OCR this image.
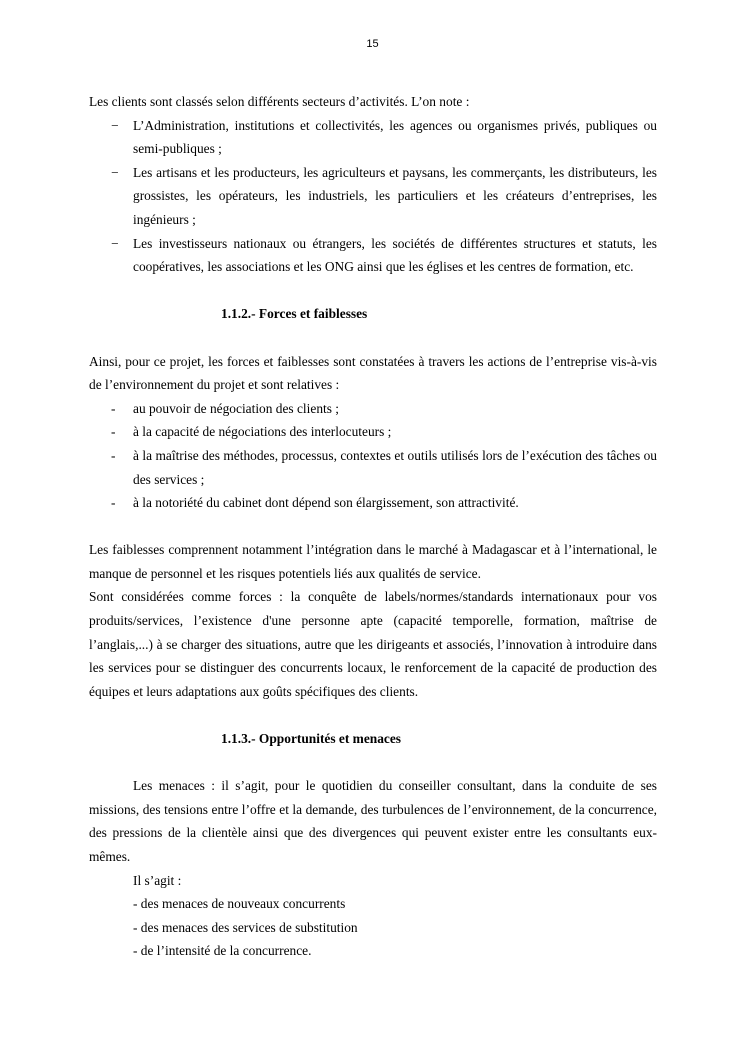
15

Les clients sont classés selon différents secteurs d’activités. L’on note :

− L’Administration, institutions et collectivités, les agences ou organismes privés, publiques ou semi-publiques ;
− Les artisans et les producteurs, les agriculteurs et paysans, les commerçants, les distributeurs, les grossistes, les opérateurs, les industriels, les particuliers et les créateurs d’entreprises, les ingénieurs ;
− Les investisseurs nationaux ou étrangers, les sociétés de différentes structures et statuts, les coopératives, les associations et les ONG ainsi que les églises et les centres de formation, etc.

1.1.2.- Forces et faiblesses

Ainsi, pour ce projet, les forces et faiblesses sont constatées à travers les actions de l’entreprise vis-à-vis de l’environnement du projet et sont relatives :

- au pouvoir de négociation des clients ;
- à la capacité de négociations des interlocuteurs ;
- à la maîtrise des méthodes, processus, contextes et outils utilisés lors de l’exécution des tâches ou des services ;
- à la notoriété du cabinet dont dépend son élargissement, son attractivité.

Les faiblesses comprennent notamment l’intégration dans le marché à Madagascar et à l’international, le manque de personnel et les risques potentiels liés aux qualités de service.

Sont considérées comme forces : la conquête de labels/normes/standards internationaux pour vos produits/services, l’existence d'une personne apte (capacité temporelle, formation, maîtrise de l’anglais,...) à se charger des situations, autre que les dirigeants et associés, l’innovation à introduire dans les services pour se distinguer des concurrents locaux, le renforcement de la capacité de production des équipes et leurs adaptations aux goûts spécifiques des clients.

1.1.3.- Opportunités et menaces

Les menaces : il s’agit, pour le quotidien du conseiller consultant, dans la conduite de ses missions, des tensions entre l’offre et la demande, des turbulences de l’environnement, de la concurrence, des pressions de la clientèle ainsi que des divergences qui peuvent exister entre les consultants eux-mêmes.

Il s’agit :

- des menaces de nouveaux concurrents

- des menaces des services de substitution

- de l’intensité de la concurrence.
